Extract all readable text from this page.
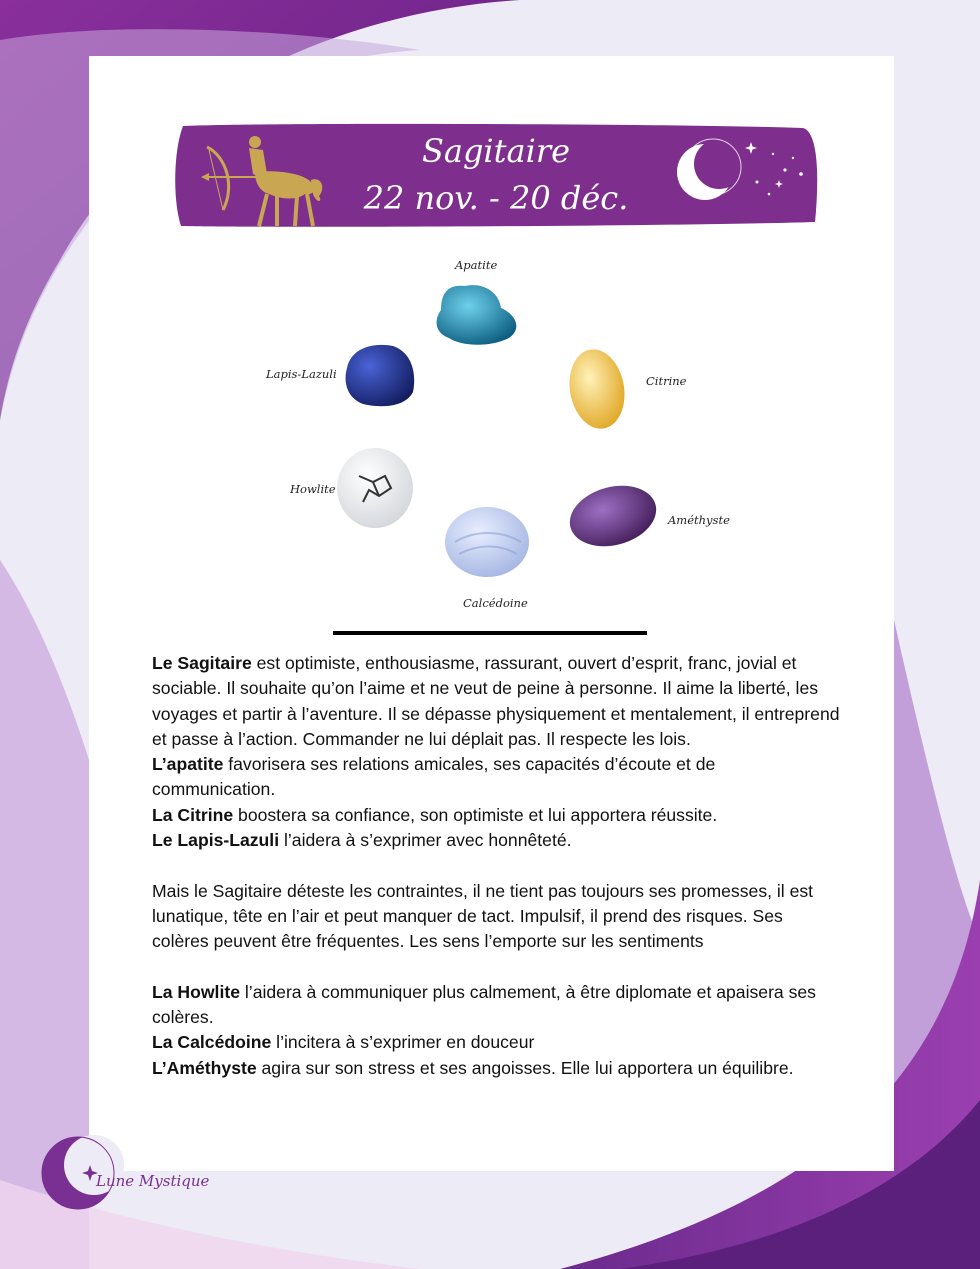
Sagitaire
22 nov. - 20 déc.
Apatite
Citrine
Lapis-Lazuli
Howlite
Améthyste
Calcédoine

Le Sagitaire est optimiste, enthousiasme, rassurant, ouvert d’esprit, franc, jovial et sociable. Il souhaite qu’on l’aime et ne veut de peine à personne. Il aime la liberté, les voyages et partir à l’aventure. Il se dépasse physiquement et mentalement, il entreprend et passe à l’action. Commander ne lui déplait pas. Il respecte les lois.

L’apatite favorisera ses relations amicales, ses capacités d’écoute et de communication.

La Citrine boostera sa confiance, son optimiste et lui apportera réussite.

Le Lapis-Lazuli l’aidera à s’exprimer avec honnêteté.

Mais le Sagitaire déteste les contraintes, il ne tient pas toujours ses promesses, il est lunatique, tête en l’air et peut manquer de tact. Impulsif, il prend des risques. Ses colères peuvent être fréquentes. Les sens l’emporte sur les sentiments

La Howlite l’aidera à communiquer plus calmement, à être diplomate et apaisera ses colères.

La Calcédoine l’incitera à s’exprimer en douceur

L’Améthyste agira sur son stress et ses angoisses. Elle lui apportera un équilibre.

Lune Mystique
